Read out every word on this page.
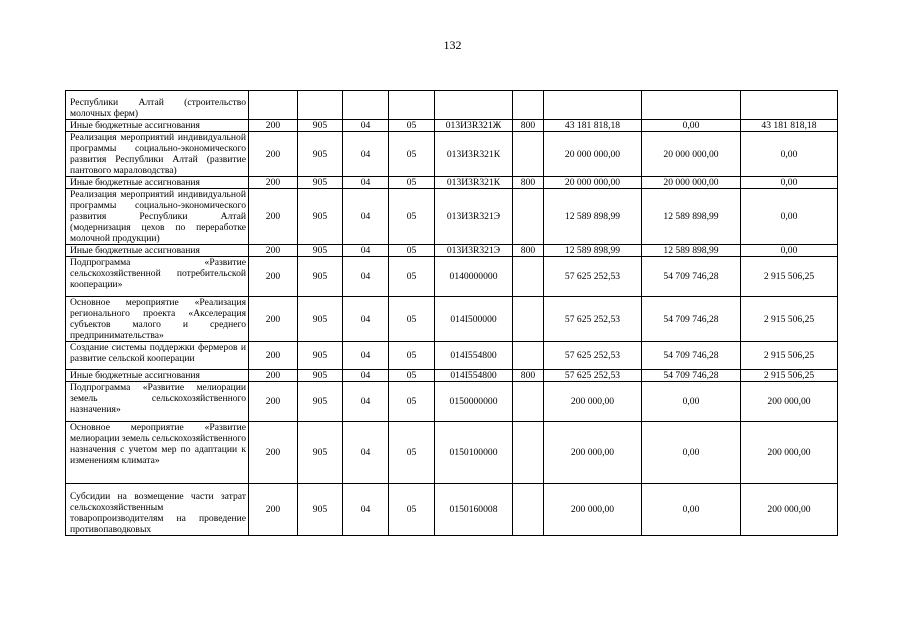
132
Республики Алтай (строительство молочных ферм)									
Иные бюджетные ассигнования	200	905	04	05	013И3R321Ж	800	43 181 818,18	0,00	43 181 818,18
Реализация мероприятий индивидуальной программы социально-экономического развития Республики Алтай (развитие пантового мараловодства)	200	905	04	05	013И3R321К		20 000 000,00	20 000 000,00	0,00
Иные бюджетные ассигнования	200	905	04	05	013И3R321К	800	20 000 000,00	20 000 000,00	0,00
Реализация мероприятий индивидуальной программы социально-экономического развития Республики Алтай (модернизация цехов по переработке молочной продукции)	200	905	04	05	013И3R321Э		12 589 898,99	12 589 898,99	0,00
Иные бюджетные ассигнования	200	905	04	05	013И3R321Э	800	12 589 898,99	12 589 898,99	0,00
Подпрограмма «Развитие сельскохозяйственной потребительской кооперации»	200	905	04	05	0140000000		57 625 252,53	54 709 746,28	2 915 506,25
Основное мероприятие «Реализация регионального проекта «Акселерация субъектов малого и среднего предпринимательства»	200	905	04	05	014I500000		57 625 252,53	54 709 746,28	2 915 506,25
Создание системы поддержки фермеров и развитие сельской кооперации	200	905	04	05	014I554800		57 625 252,53	54 709 746,28	2 915 506,25
Иные бюджетные ассигнования	200	905	04	05	014I554800	800	57 625 252,53	54 709 746,28	2 915 506,25
Подпрограмма «Развитие мелиорации земель сельскохозяйственного назначения»	200	905	04	05	0150000000		200 000,00	0,00	200 000,00
Основное мероприятие «Развитие мелиорации земель сельскохозяйственного назначения с учетом мер по адаптации к изменениям климата»	200	905	04	05	0150100000		200 000,00	0,00	200 000,00
Субсидии на возмещение части затрат сельскохозяйственным товаропроизводителям на проведение противопаводковых	200	905	04	05	0150160008		200 000,00	0,00	200 000,00
